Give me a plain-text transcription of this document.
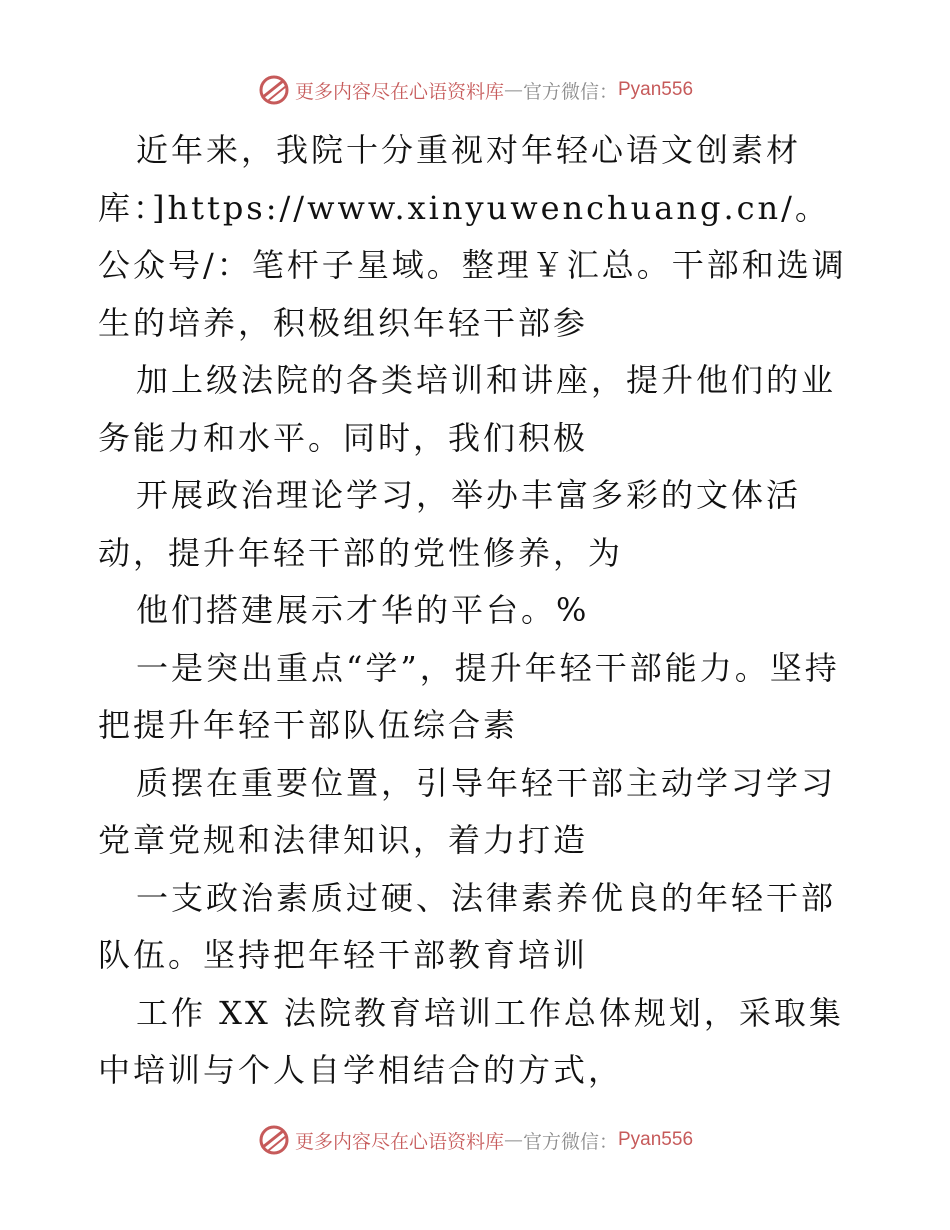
更多内容尽在心语资料库 — 官方微信： Pyan556

近年来，我院十分重视对年轻心语文创素材库：]https://www.xinyuwenchuang.cn/。公众号/：笔杆子星域。整理￥汇总。干部和选调生的培养，积极组织年轻干部参

加上级法院的各类培训和讲座，提升他们的业务能力和水平。同时，我们积极

开展政治理论学习，举办丰富多彩的文体活动，提升年轻干部的党性修养，为

他们搭建展示才华的平台。%

一是突出重点“学”，提升年轻干部能力。坚持把提升年轻干部队伍综合素

质摆在重要位置，引导年轻干部主动学习学习党章党规和法律知识，着力打造

一支政治素质过硬、法律素养优良的年轻干部队伍。坚持把年轻干部教育培训

工作 XX 法院教育培训工作总体规划，采取集中培训与个人自学相结合的方式，

更多内容尽在心语资料库 — 官方微信： Pyan556
